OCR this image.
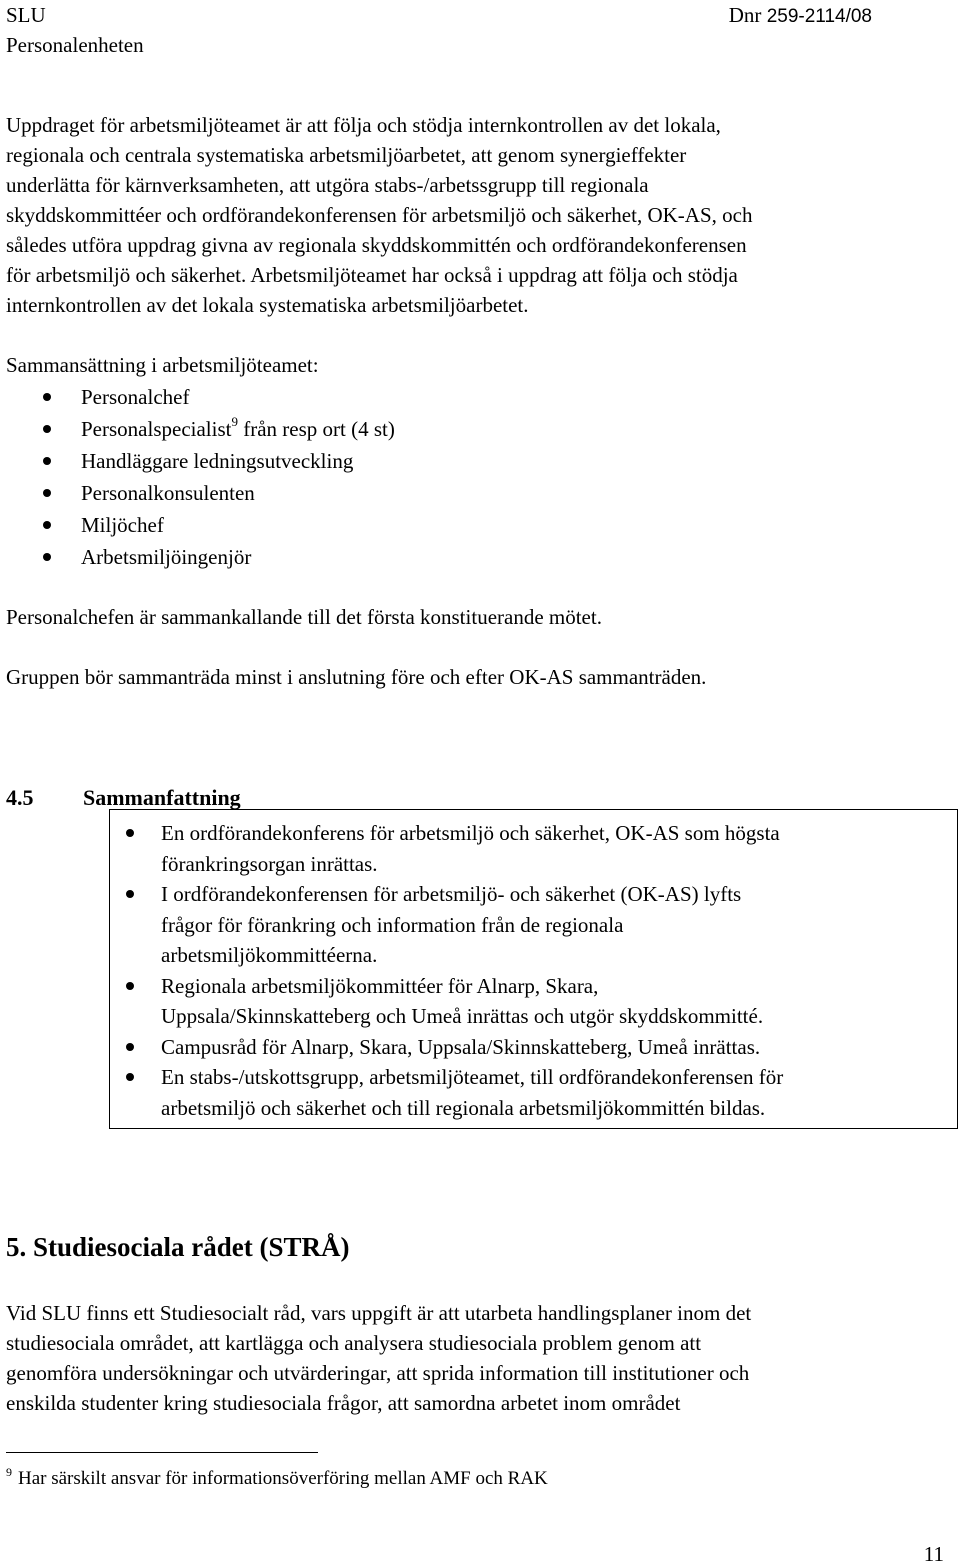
SLU
Personalenheten
Dnr 259-2114/08
Uppdraget för arbetsmiljöteamet är att följa och stödja internkontrollen av det lokala,
regionala och centrala systematiska arbetsmiljöarbetet, att genom synergieffekter
underlätta för kärnverksamheten, att utgöra stabs-/arbetssgrupp till regionala
skyddskommittéer och ordförandekonferensen för arbetsmiljö och säkerhet, OK-AS, och
således utföra uppdrag givna av regionala skyddskommittén och ordförandekonferensen
för arbetsmiljö och säkerhet. Arbetsmiljöteamet har också i uppdrag att följa och stödja
internkontrollen av det lokala systematiska arbetsmiljöarbetet.
Sammansättning i arbetsmiljöteamet:
Personalchef
Personalspecialist$^9$ från resp ort (4 st)
Handläggare ledningsutveckling
Personalkonsulenten
Miljöchef
Arbetsmiljöingenjör
Personalchefen är sammankallande till det första konstituerande mötet.
Gruppen bör sammanträda minst i anslutning före och efter OK-AS sammanträden.
4.5 Sammanfattning
En ordförandekonferens för arbetsmiljö och säkerhet, OK-AS som högsta
förankringsorgan inrättas.
I ordförandekonferensen för arbetsmiljö- och säkerhet (OK-AS) lyfts
frågor för förankring och information från de regionala
arbetsmiljökommittéerna.
Regionala arbetsmiljökommittéer för Alnarp, Skara,
Uppsala/Skinnskatteberg och Umeå inrättas och utgör skyddskommitté.
Campusråd för Alnarp, Skara, Uppsala/Skinnskatteberg, Umeå inrättas.
En stabs-/utskottsgrupp, arbetsmiljöteamet, till ordförandekonferensen för
arbetsmiljö och säkerhet och till regionala arbetsmiljökommittén bildas.
5. Studiesociala rådet (STRÅ)
Vid SLU finns ett Studiesocialt råd, vars uppgift är att utarbeta handlingsplaner inom det
studiesociala området, att kartlägga och analysera studiesociala problem genom att
genomföra undersökningar och utvärderingar, att sprida information till institutioner och
enskilda studenter kring studiesociala frågor, att samordna arbetet inom området
$^9$ Har särskilt ansvar för informationsöverföring mellan AMF och RAK
11
